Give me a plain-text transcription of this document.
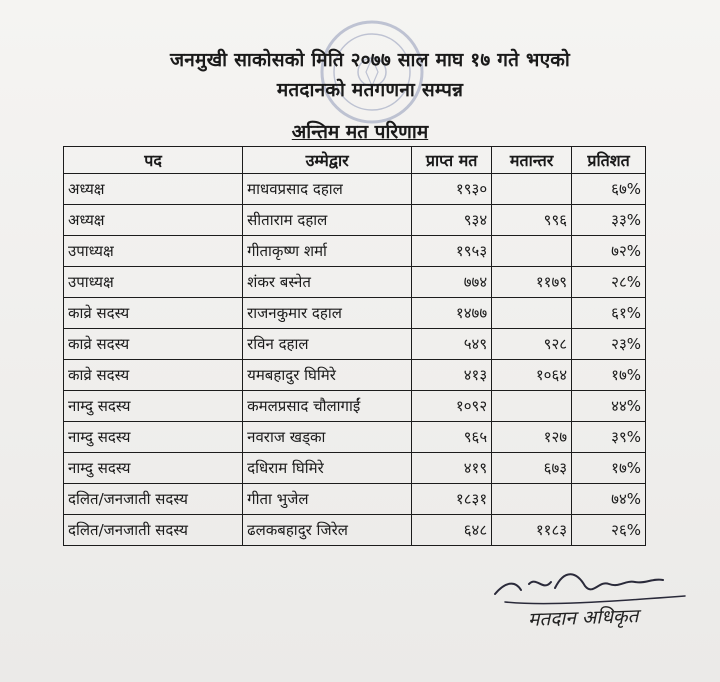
जनमुखी साकोसको मिति २०७७ साल माघ १७ गते भएको
मतदानको मतगणना सम्पन्न
अन्तिम मत परिणाम
पद	उम्मेद्वार	प्राप्त मत	मतान्तर	प्रतिशत
अध्यक्ष	माधवप्रसाद दहाल	१९३०		६७%
अध्यक्ष	सीताराम दहाल	९३४	९९६	३३%
उपाध्यक्ष	गीताकृष्ण शर्मा	१९५३		७२%
उपाध्यक्ष	शंकर बस्नेत	७७४	११७९	२८%
काव्रे सदस्य	राजनकुमार दहाल	१४७७		६१%
काव्रे सदस्य	रविन दहाल	५४९	९२८	२३%
काव्रे सदस्य	यमबहादुर घिमिरे	४१३	१०६४	१७%
नाम्दु सदस्य	कमलप्रसाद चौलागाईं	१०९२		४४%
नाम्दु सदस्य	नवराज खड्का	९६५	१२७	३९%
नाम्दु सदस्य	दधिराम घिमिरे	४१९	६७३	१७%
दलित/जनजाती सदस्य	गीता भुजेल	१८३१		७४%
दलित/जनजाती सदस्य	ढलकबहादुर जिरेल	६४८	११८३	२६%
मतदान अधिकृत
